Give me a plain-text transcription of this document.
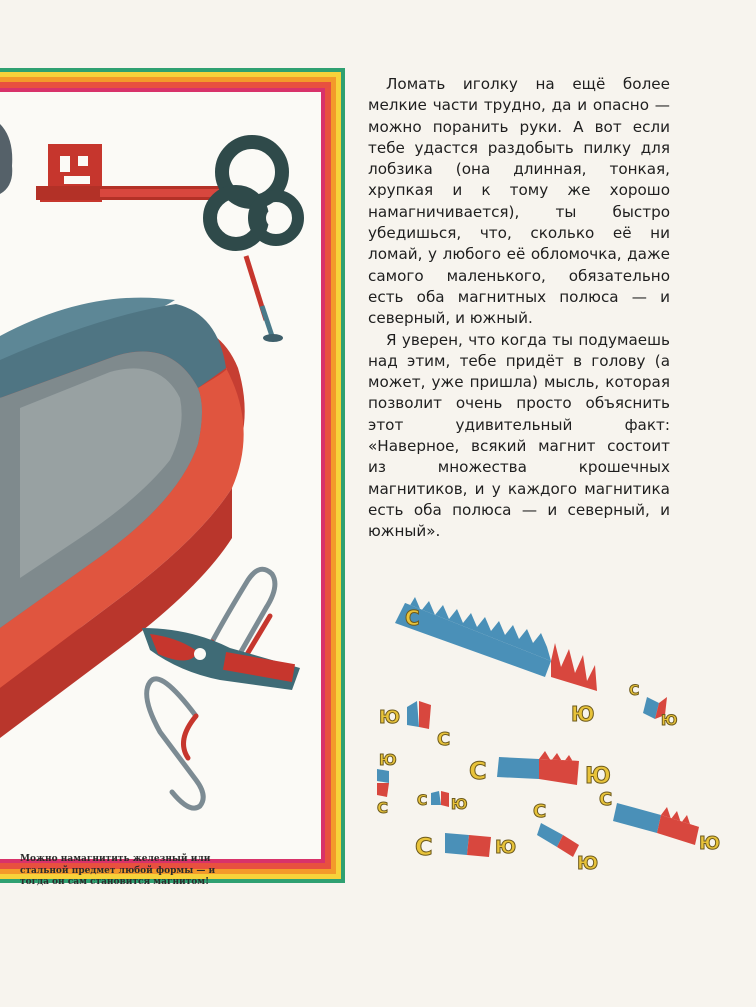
Можно намагнитить железный или стальной предмет любой формы — и тогда он сам становится магнитом!

Ломать иголку на ещё более мелкие части трудно, да и опасно — можно поранить руки. А вот если тебе удастся раздобыть пилку для лобзика (она длинная, тонкая, хрупкая и к тому же хорошо намагничивается), ты быстро убедишься, что, сколько её ни ломай, у любого её обломочка, даже самого маленького, обязательно есть оба магнитных полюса — и северный, и южный.

Я уверен, что когда ты подумаешь над этим, тебе придёт в голову (а может, уже пришла) мысль, которая позволит очень просто объяснить этот удивительный факт: «Наверное, всякий магнит состоит из множества крошечных магнитиков, и у каждого магнитика есть оба полюса — и северный, и южный».

С
Ю
С
Ю
Ю
С
Ю
С
С	Ю
С Ю
С	Ю
С
Ю
С
Ю
